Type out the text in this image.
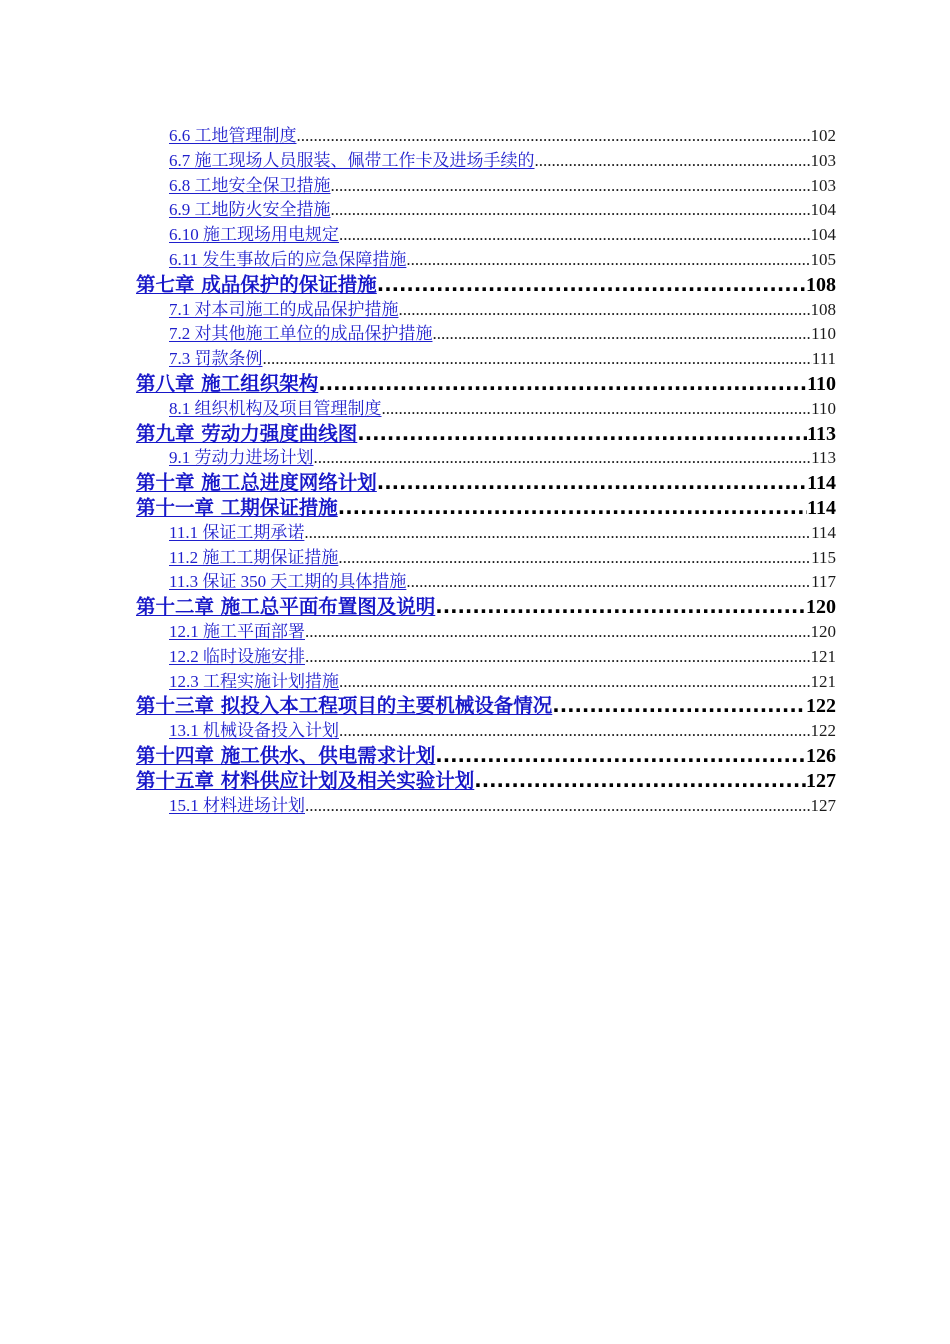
6.6 工地管理制度 .....	102
6.7 施工现场人员服装、佩带工作卡及进场手续的 .....	103
6.8 工地安全保卫措施 .....	103
6.9 工地防火安全措施 .....	104
6.10 施工现场用电规定 .....	104
6.11 发生事故后的应急保障措施 .....	105
第七章 成品保护的保证措施 .....	108
7.1 对本司施工的成品保护措施 .....	108
7.2 对其他施工单位的成品保护措施 .....	110
7.3 罚款条例 .....	111
第八章 施工组织架构 .....	110
8.1 组织机构及项目管理制度 .....	110
第九章 劳动力强度曲线图 .....	113
9.1 劳动力进场计划 .....	113
第十章 施工总进度网络计划 .....	114
第十一章 工期保证措施 .....	114
11.1 保证工期承诺 .....	114
11.2 施工工期保证措施 .....	115
11.3 保证 350 天工期的具体措施 .....	117
第十二章 施工总平面布置图及说明 .....	120
12.1 施工平面部署 .....	120
12.2 临时设施安排 .....	121
12.3 工程实施计划措施 .....	121
第十三章 拟投入本工程项目的主要机械设备情况 .....	122
13.1 机械设备投入计划 .....	122
第十四章 施工供水、供电需求计划 .....	126
第十五章 材料供应计划及相关实验计划 .....	127
15.1 材料进场计划 .....	127
